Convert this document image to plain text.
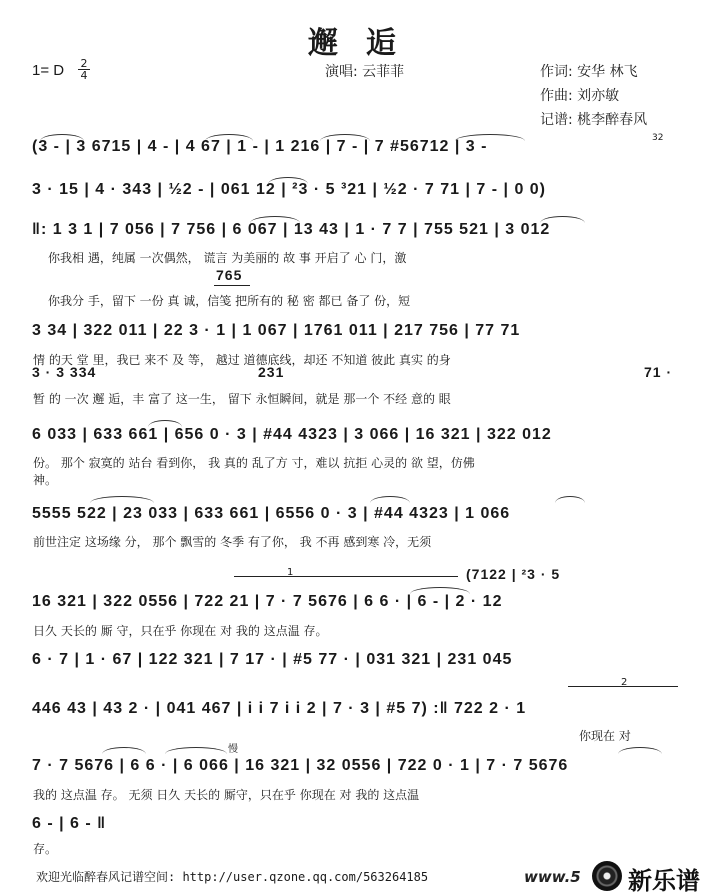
邂逅
1= D 2
4	演唱: 云菲菲	作词: 安华 林飞
作曲: 刘亦敏
记谱: 桃李醉春风
32
(3 - | 3 6715 | 4 - | 4 67 | 1 - | 1 216 | 7 - | 7 #56712 | 3 -
3 · 15 | 4 · 343 | ½2 - | 061 12 | ²3 · 5 ³21 | ½2 · 7 71 | 7 - | 0 0)
‖: 1 3 1 | 7 056 | 7 756 | 6 067 | 13 43 | 1 · 7 7 | 755 521 | 3 012
你我相 遇，纯属 一次偶然， 谎言 为美丽的 故 事 开启了 心 门，激
765
你我分 手，留下 一份 真 诚，信笺 把所有的 秘 密 都已 备了 份，短
3 34 | 322 011 | 22 3 · 1 | 1 067 | 1761 011 | 217 756 | 77 71
情 的天 堂 里，我已 来不 及 等， 越过 道德底线，却还 不知道 彼此 真实 的身
3 · 3 334	231	71 ·
暂 的 一次 邂 逅，丰 富了 这一生， 留下 永恒瞬间，就是 那一个 不经 意的 眼
6 033 | 633 661 | 656 0 · 3 | #44 4323 | 3 066 | 16 321 | 322 012
份。 那个 寂寞的 站台 看到你， 我 真的 乱了方 寸，难以 抗拒 心灵的 欲 望，仿佛
神。
5555 522 | 23 033 | 633 661 | 6556 0 · 3 | #44 4323 | 1 066
前世注定 这场缘 分， 那个 飘雪的 冬季 有了你， 我 不再 感到寒 冷，无须
1	(7122 | ²3 · 5
16 321 | 322 0556 | 722 21 | 7 · 7 5676 | 6 6 · | 6 - | 2 · 12
日久 天长的 厮 守，只在乎 你现在 对 我的 这点温 存。
6 · 7 | 1 · 67 | 122 321 | 7 17 · | #5 77 · | 031 321 | 231 045
2
446 43 | 43 2 · | 041 467 | i i 7 i i 2 | 7 · 3 | #5 7) :‖ 722 2 · 1
你现在 对
慢
7 · 7 5676 | 6 6 · | 6 066 | 16 321 | 32 0556 | 722 0 · 1 | 7 · 7 5676
我的 这点温 存。 无须 日久 天长的 厮守，只在乎 你现在 对 我的 这点温
6 - | 6 - ‖
存。
欢迎光临醉春风记谱空间: http://user.qzone.qq.com/563264185	www.5 新乐谱
